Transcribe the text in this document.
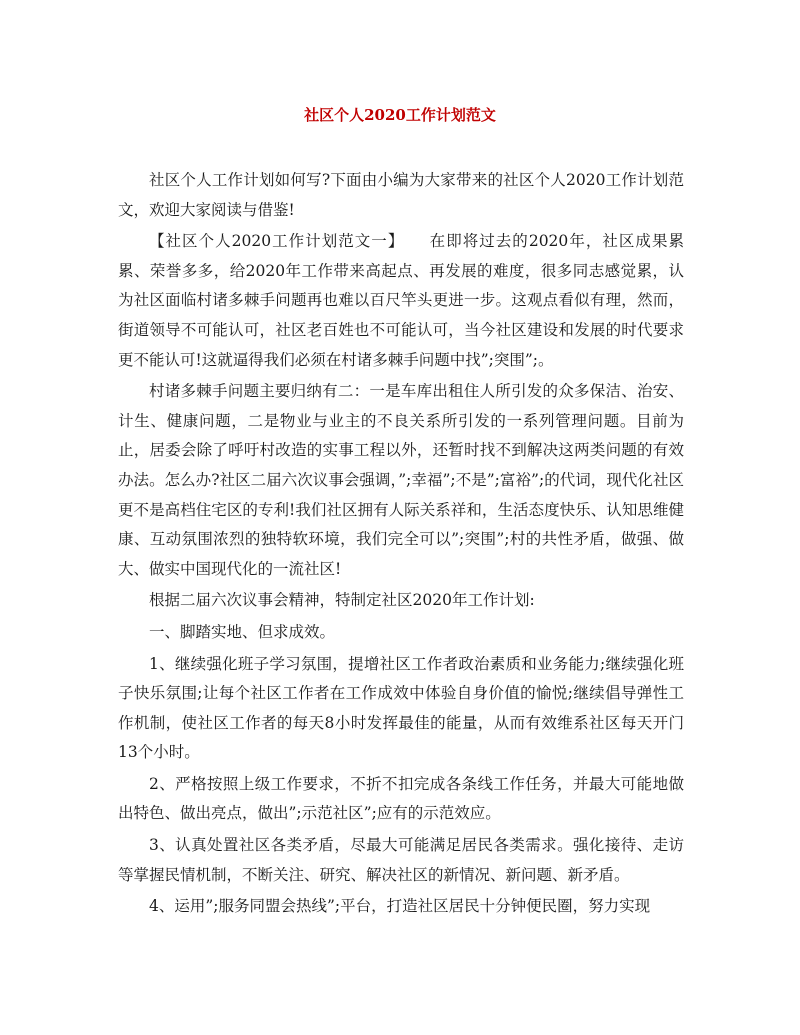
社区个人2020工作计划范文

社区个人工作计划如何写?下面由小编为大家带来的社区个人2020工作计划范文，欢迎大家阅读与借鉴!

【社区个人2020工作计划范文一】　　在即将过去的2020年，社区成果累累、荣誉多多，给2020年工作带来高起点、再发展的难度，很多同志感觉累，认为社区面临村诸多棘手问题再也难以百尺竿头更进一步。这观点看似有理，然而，街道领导不可能认可，社区老百姓也不可能认可，当今社区建设和发展的时代要求更不能认可!这就逼得我们必须在村诸多棘手问题中找”;突围”;。

村诸多棘手问题主要归纳有二：一是车库出租住人所引发的众多保洁、治安、计生、健康问题，二是物业与业主的不良关系所引发的一系列管理问题。目前为止，居委会除了呼吁村改造的实事工程以外，还暂时找不到解决这两类问题的有效办法。怎么办?社区二届六次议事会强调，”;幸福”;不是”;富裕”;的代词，现代化社区更不是高档住宅区的专利!我们社区拥有人际关系祥和，生活态度快乐、认知思维健康、互动氛围浓烈的独特软环境，我们完全可以”;突围”;村的共性矛盾，做强、做大、做实中国现代化的一流社区!

根据二届六次议事会精神，特制定社区2020年工作计划:

一、脚踏实地、但求成效。

1、继续强化班子学习氛围，提增社区工作者政治素质和业务能力;继续强化班子快乐氛围;让每个社区工作者在工作成效中体验自身价值的愉悦;继续倡导弹性工作机制，使社区工作者的每天8小时发挥最佳的能量，从而有效维系社区每天开门13个小时。

2、严格按照上级工作要求，不折不扣完成各条线工作任务，并最大可能地做出特色、做出亮点，做出”;示范社区”;应有的示范效应。

3、认真处置社区各类矛盾，尽最大可能满足居民各类需求。强化接待、走访等掌握民情机制，不断关注、研究、解决社区的新情况、新问题、新矛盾。

4、运用”;服务同盟会热线”;平台，打造社区居民十分钟便民圈，努力实现
